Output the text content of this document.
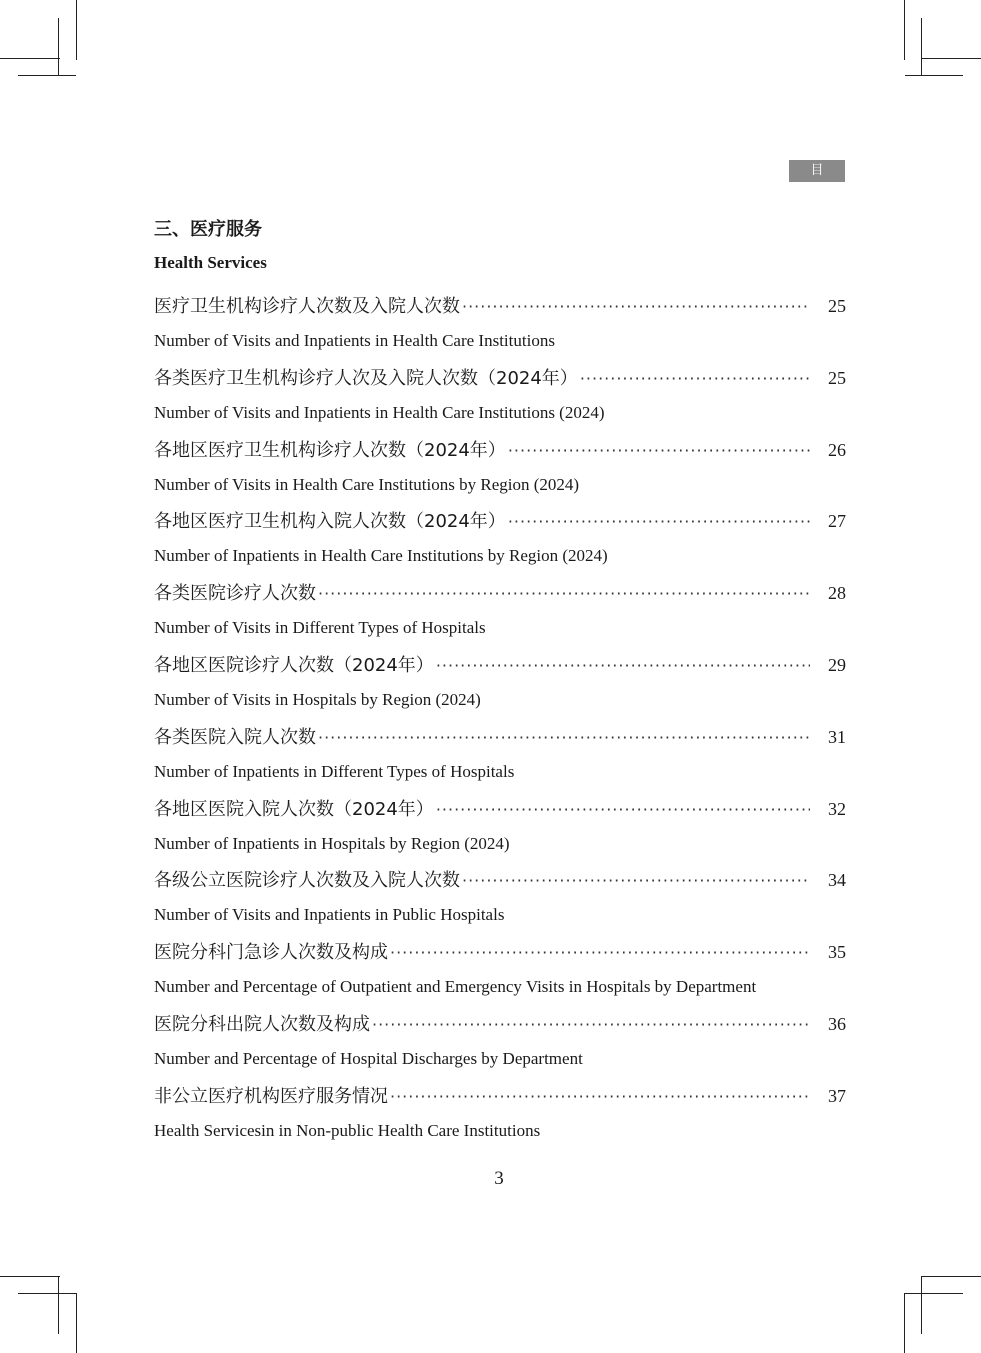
目 录
三、医疗服务
Health Services
医疗卫生机构诊疗人次数及入院人次数 ·····	25
Number of Visits and Inpatients in Health Care Institutions
各类医疗卫生机构诊疗人次及入院人次数（2024年） ·····	25
Number of Visits and Inpatients in Health Care Institutions (2024)
各地区医疗卫生机构诊疗人次数（2024年） ·····	26
Number of Visits in Health Care Institutions by Region (2024)
各地区医疗卫生机构入院人次数（2024年） ·····	27
Number of Inpatients in Health Care Institutions by Region (2024)
各类医院诊疗人次数 ·····	28
Number of Visits in Different Types of Hospitals
各地区医院诊疗人次数（2024年） ·····	29
Number of Visits in Hospitals by Region (2024)
各类医院入院人次数 ·····	31
Number of Inpatients in Different Types of Hospitals
各地区医院入院人次数（2024年） ·····	32
Number of Inpatients in Hospitals by Region (2024)
各级公立医院诊疗人次数及入院人次数 ·····	34
Number of Visits and Inpatients in Public Hospitals
医院分科门急诊人次数及构成 ·····	35
Number and Percentage of Outpatient and Emergency Visits in Hospitals by Department
医院分科出院人次数及构成 ·····	36
Number and Percentage of Hospital Discharges by Department
非公立医疗机构医疗服务情况 ·····	37
Health Servicesin in Non-public Health Care Institutions
3
